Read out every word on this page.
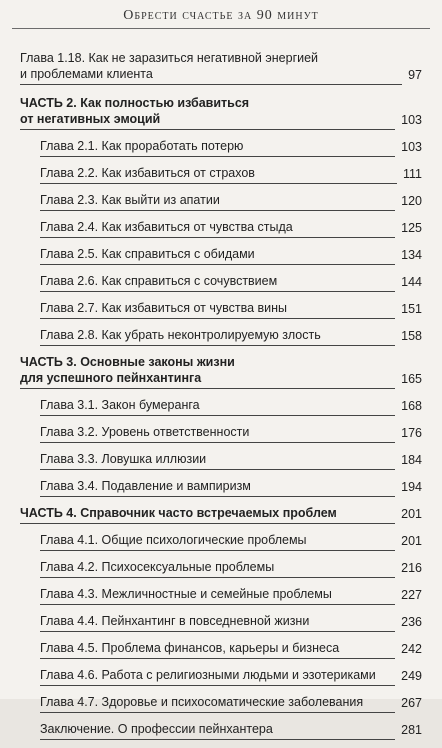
Обрести счастье за 90 минут
Глава 1.18. Как не заразиться негативной энергией
и проблемами клиента	97
ЧАСТЬ 2. Как полностью избавиться
от негативных эмоций	103
Глава 2.1. Как проработать потерю	103
Глава 2.2. Как избавиться от страхов	111
Глава 2.3. Как выйти из апатии	120
Глава 2.4. Как избавиться от чувства стыда	125
Глава 2.5. Как справиться с обидами	134
Глава 2.6. Как справиться с сочувствием	144
Глава 2.7. Как избавиться от чувства вины	151
Глава 2.8. Как убрать неконтролируемую злость	158
ЧАСТЬ 3. Основные законы жизни
для успешного пейнхантинга	165
Глава 3.1. Закон бумеранга	168
Глава 3.2. Уровень ответственности	176
Глава 3.3. Ловушка иллюзии	184
Глава 3.4. Подавление и вампиризм	194
ЧАСТЬ 4. Справочник часто встречаемых проблем	201
Глава 4.1. Общие психологические проблемы	201
Глава 4.2. Психосексуальные проблемы	216
Глава 4.3. Межличностные и семейные проблемы	227
Глава 4.4. Пейнхантинг в повседневной жизни	236
Глава 4.5. Проблема финансов, карьеры и бизнеса	242
Глава 4.6. Работа с религиозными людьми и эзотериками	249
Глава 4.7. Здоровье и психосоматические заболевания	267
Заключение. О профессии пейнхантера	281
